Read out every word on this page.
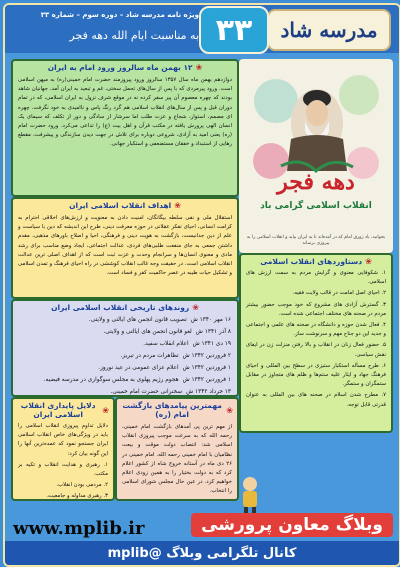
مدرسه شاد
۳۳
ویژه نامه مدرسه شاد – دوره سوم – شماره ۳۳
به مناسبت ایام الله دهه فجر
دهه فجر
انقلاب اسلامی گرامی باد
بخوانید، باد زورق امام که در آمده‌اند تا به ایران بیاید و انقلاب اسلامی را به پیروزی برساند
❀
۱۲ بهمن ماه سالروز ورود امام به ایران

دوازدهم بهمن ماه سال ۱۳۵۷ سالروز ورود پیروزمند حضرت امام خمینی(ره) به میهن اسلامی است. ورود پیرمردی که با پس از سال‌های تحمل سختی، غم و تبعید به ایران آمد. جهانیان شاهد بودند که چهره معصوم آن پیر سفر کرده نه در موقع شرف نزول به ایران اسلامی، که در تمام دوران قبل و پس از سال‌های انقلاب اسلامی هم گرد رنگ پاس و ناامیدی به خود نگرفت. چهره ای مصمم، استوار، شجاع و عزت طلب اما سرشار از سادگی و دور از تکلف که سیمای یک انسان الهی پرورش یافته در مکتب قرآن و اهل بیت (ع) را تداعی می‌کرد. ورود حضرت امام (ره) یعنی امید به آزادی، شروعی دوباره برای تلاش در جهت دیدن سازندگی و پیشرفت، مقطع رهایی از استبداد و خفقان مستضعفی و استکبار جهانی.

❀
اهداف انقلاب اسلامی ایران

استقلال ملی و نفی سلطه بیگانگان، امنیت دادن به معنویت و ارزش‌های اخلاقی احترام به کرامت انسانی، احیای تفکر عقلانی در حوزه معرفت دینی، طرح این اندیشه که دین با سیاست و علم از دین جدانیست، بازگشت به هویت دینی و فرهنگی، احیا و اصلاح باورهای مذهبی، مقدم داشتن جمعی به جای منفعت طلبی‌های فردی، عدالت اجتماعی، ایجاد وضع مناسب برای رشد مادی و معنوی انسان‌ها و سرانجام وحدت و عزت ثبت است که از اهداف اصلی ترین عدالت انقلاب اسلامی است. در حقیقت وجه غالب انقلاب کوششی در راه احیای فرهنگ و تمدن اسلامی و تشکیل حیات طیبه در عصر حاکمیت کفر و فساد است.

❀
روندهای تاریخی انقلاب اسلامی ایران
۱۶ مهر ۱۳۴۰ ش
تصویب قانون انجمن های ایالتی و ولایتی.
۸ آذر ۱۳۴۱ ش
لغو قانون انجمن های ایالتی و ولایتی.
۱۹ دی ۱۳۴۱ ش
اعلام انقلاب سفید.
۲ فروردین ۱۳۴۲ ش
تظاهرات مردم در تبریز.
۱ فروردین ۱۳۴۲ ش
اعلام عزای عمومی در عید نوروز.
۱ فروردین ۱۳۴۲ ش
هجوم رژیم پهلوی به مجلس سوگواری در مدرسه فیضیه.
۱۳ خرداد ۱۳۴۲ ش
سخنرانی حضرت امام خمینی.
❀
دستاوردهای انقلاب اسلامی

۱. شکوفایی معنوی و گرایش مردم به سمت ارزش های اسلامی.

۲. احیای اصل امامت در قالب ولایت فقیه.

۳. گسترش آزادی های مشروع که خود موجب حضور بیشتر مردم در صحنه های مختلف اجتماعی شده است.

۴. فعال شدن حوزه و دانشگاه در صحنه های علمی و اجتماعی و جدید این دو جناح مهم و سرنوشت ساز.

۵. حضور فعال زنان در انقلاب و بالا رفتن منزلت زن در ایفای نقش سیاسی.

۶. طرح مسأله استکبار ستیزی در سطح بین المللی و احیای فرهنگ جهاد و ایثار علیه ستم‌ها و ظلم های متجاوز در مقابل ستمگران و ستمگر.

۷. مطرح شدن اسلام در صحنه های بین المللی به عنوان قدرتی قابل توجه.

❀
دلایل پایداری انقلاب اسلامی ایران

دلایل تداوم پیروزی انقلاب اسلامی را باید در ویژگی‌های خاص انقلاب اسلامی ایران جستجو نمود که عمده‌ترین آنها را این گونه بیان کرد:

۱. رهبری و هدایت انقلاب و تکیه بر مکتب.

۲. مردمی بودن انقلاب.

۳. رهبری مداوله و جامعیت.

❀
مهمترین پیامدهای بازگشت امام (ره)

از مهم ترین پی آمدهای بازگشت امام خمینی، رحمه الله که به سرعت موجب پیروزی انقلاب اسلامی شد: انتصاب دولت موقت و بیعت نظامیان با امام خمینی رحمه الله. امام خمینی در ۲۶ دی ماه در آستانه خروج شاه از کشور اعلام کرد که به دولت بختیار را به همین زودی اعلام خواهیم کرد. در عین حال مجلس شورای اسلامی را انتخاب.

www.mplib.ir	وبلاگ معاون پرورشی
کانال تلگرامی وبلاگ @mplib
